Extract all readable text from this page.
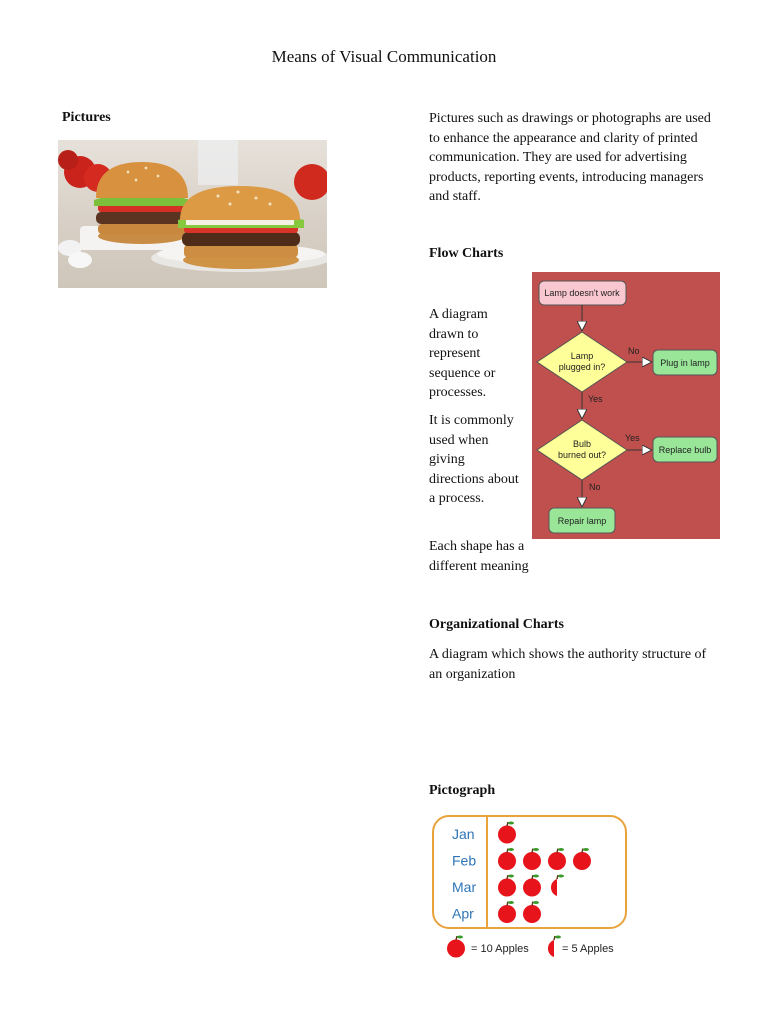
Means of Visual Communication
Pictures	Pictures such as drawings or photographs are used to enhance the appearance and clarity of printed communication. They are used for advertising products, reporting events, introducing managers and staff.
Flow Charts
A diagram drawn to represent sequence or processes.
It is commonly used when giving directions about a process.
Each shape has a different meaning
Lamp doesn't work
Lamp
plugged in?
No
Plug in lamp
Yes
Bulb
burned out?
Yes
Replace bulb
No
Repair lamp
Organizational Charts
A diagram which shows the authority structure of an organization
Pictograph
Jan
Feb
Mar
Apr
= 10 Apples	= 5 Apples
